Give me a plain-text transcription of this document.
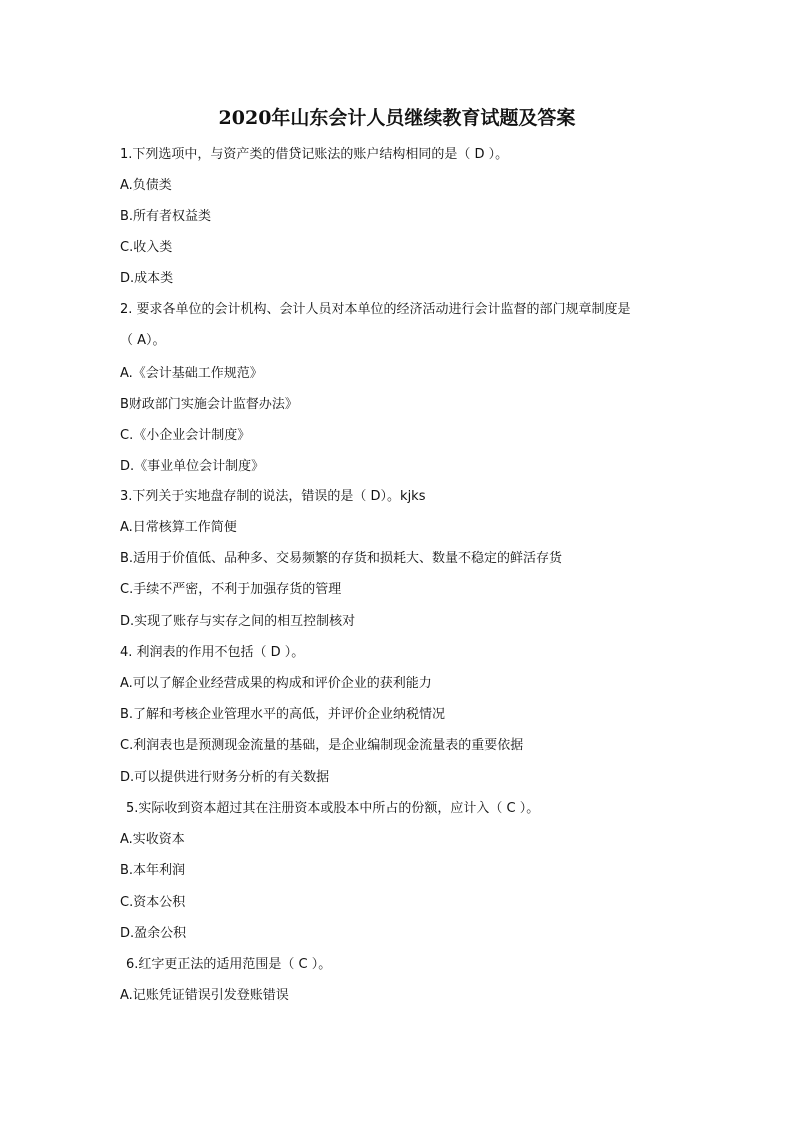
2020年山东会计人员继续教育试题及答案
1.下列选项中，与资产类的借贷记账法的账户结构相同的是（ D ）。
A.负债类
B.所有者权益类
C.收入类
D.成本类
2. 要求各单位的会计机构、会计人员对本单位的经济活动进行会计监督的部门规章制度是
（ A）。
A.《会计基础工作规范》
B财政部门实施会计监督办法》
C.《小企业会计制度》
D.《事业单位会计制度》
3.下列关于实地盘存制的说法，错误的是（ D）。kjks
A.日常核算工作简便
B.适用于价值低、品种多、交易频繁的存货和损耗大、数量不稳定的鲜活存货
C.手续不严密，不利于加强存货的管理
D.实现了账存与实存之间的相互控制核对
4. 利润表的作用不包括（ D ）。
A.可以了解企业经营成果的构成和评价企业的获利能力
B.了解和考核企业管理水平的高低，并评价企业纳税情况
C.利润表也是预测现金流量的基础，是企业编制现金流量表的重要依据
D.可以提供进行财务分析的有关数据
5.实际收到资本超过其在注册资本或股本中所占的份额，应计入（ C ）。
A.实收资本
B.本年利润
C.资本公积
D.盈余公积
6.红字更正法的适用范围是（ C ）。
A.记账凭证错误引发登账错误
